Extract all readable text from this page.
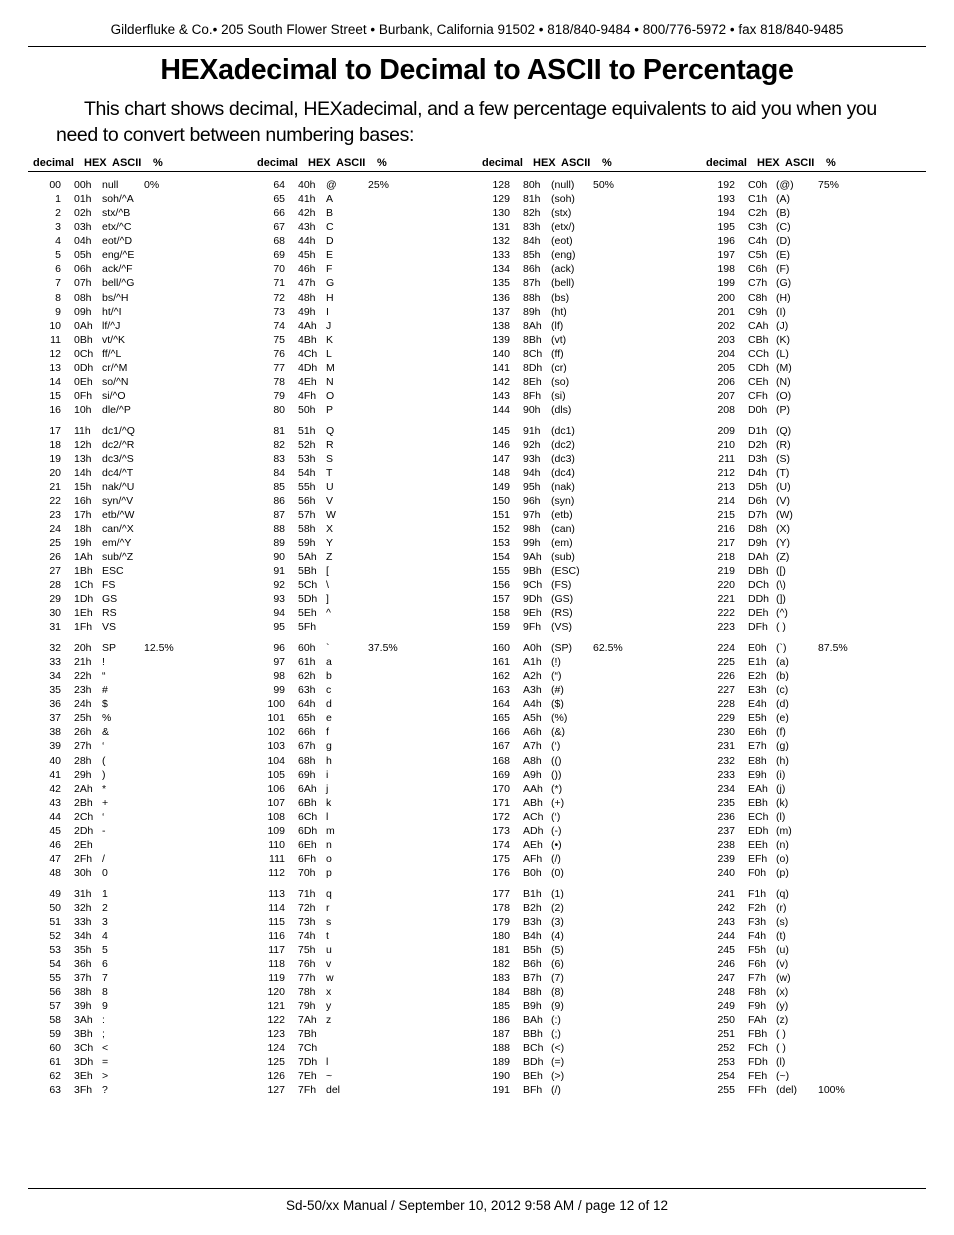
Gilderfluke & Co.• 205 South Flower Street • Burbank, California 91502 • 818/840-9484 • 800/776-5972 • fax 818/840-9485
HEXadecimal to Decimal to ASCII to Percentage
This chart shows decimal, HEXadecimal, and a few percentage equivalents to aid you when you need to convert between numbering bases:
decimal HEX ASCII %	decimal HEX ASCII %	decimal HEX ASCII %	decimal HEX ASCII %
00 00h null 0%
1 01h soh/^A
2 02h stx/^B
3 03h etx/^C
4 04h eot/^D
5 05h eng/^E
6 06h ack/^F
7 07h bell/^G
8 08h bs/^H
9 09h ht/^I
10 0Ah lf/^J
11 0Bh vt/^K
12 0Ch ff/^L
13 0Dh cr/^M
14 0Eh so/^N
15 0Fh si/^O
16 10h dle/^P
17 11h dc1/^Q
18 12h dc2/^R
19 13h dc3/^S
20 14h dc4/^T
21 15h nak/^U
22 16h syn/^V
23 17h etb/^W
24 18h can/^X
25 19h em/^Y
26 1Ah sub/^Z
27 1Bh ESC
28 1Ch FS
29 1Dh GS
30 1Eh RS
31 1Fh VS
32 20h SP	12.5%
33 21h !
34 22h “
35 23h #
36 24h $
37 25h %
38 26h &
39 27h ‘
40 28h (
41 29h )
42 2Ah *
43 2Bh +
44 2Ch ‘
45 2Dh -
46 2Eh
47 2Fh /
48 30h 0
49 31h 1
50 32h 2
51 33h 3
52 34h 4
53 35h 5
54 36h 6
55 37h 7
56 38h 8
57 39h 9
58 3Ah :
59 3Bh ;
60 3Ch <
61 3Dh =
62 3Eh >
63 3Fh ?
64 40h @	25%
65 41h A
66 42h B
67 43h C
68 44h D
69 45h E
70 46h F
71 47h G
72 48h H
73 49h I
74 4Ah J
75 4Bh K
76 4Ch L
77 4Dh M
78 4Eh N
79 4Fh O
80 50h P
81 51h Q
82 52h R
83 53h S
84 54h T
85 55h U
86 56h V
87 57h W
88 58h X
89 59h Y
90 5Ah Z
91 5Bh [
92 5Ch \
93 5Dh ]
94 5Eh ^
95 5Fh
96 60h `	37.5%
97 61h a
98 62h b
99 63h c
100 64h d
101 65h e
102 66h f
103 67h g
104 68h h
105 69h i
106 6Ah j
107 6Bh k
108 6Ch l
109 6Dh m
110 6Eh n
111 6Fh o
112 70h p
113 71h q
114 72h r
115 73h s
116 74h t
117 75h u
118 76h v
119 77h w
120 78h x
121 79h y
122 7Ah z
123 7Bh
124 7Ch
125 7Dh l
126 7Eh ~
127 7Fh del
128 80h (null) 50%
129 81h (soh)
130 82h (stx)
131 83h (etx/)
132 84h (eot)
133 85h (eng)
134 86h (ack)
135 87h (bell)
136 88h (bs)
137 89h (ht)
138 8Ah (lf)
139 8Bh (vt)
140 8Ch (ff)
141 8Dh (cr)
142 8Eh (so)
143 8Fh (si)
144 90h (dls)
145 91h (dc1)
146 92h (dc2)
147 93h (dc3)
148 94h (dc4)
149 95h (nak)
150 96h (syn)
151 97h (etb)
152 98h (can)
153 99h (em)
154 9Ah (sub)
155 9Bh (ESC)
156 9Ch (FS)
157 9Dh (GS)
158 9Eh (RS)
159 9Fh (VS)
160 A0h (SP) 62.5%
161 A1h (!)
162 A2h (“)
163 A3h (#)
164 A4h ($)
165 A5h (%)
166 A6h (&)
167 A7h (‘)
168 A8h (()
169 A9h ())
170 AAh (*)
171 ABh (+)
172 ACh (‘)
173 ADh (-)
174 AEh (•)
175 AFh (/)
176 B0h (0)
177 B1h (1)
178 B2h (2)
179 B3h (3)
180 B4h (4)
181 B5h (5)
182 B6h (6)
183 B7h (7)
184 B8h (8)
185 B9h (9)
186 BAh (:)
187 BBh (;)
188 BCh (<)
189 BDh (=)
190 BEh (>)
191 BFh (/)
192 C0h (@) 75%
193 C1h (A)
194 C2h (B)
195 C3h (C)
196 C4h (D)
197 C5h (E)
198 C6h (F)
199 C7h (G)
200 C8h (H)
201 C9h (I)
202 CAh (J)
203 CBh (K)
204 CCh (L)
205 CDh (M)
206 CEh (N)
207 CFh (O)
208 D0h (P)
209 D1h (Q)
210 D2h (R)
211 D3h (S)
212 D4h (T)
213 D5h (U)
214 D6h (V)
215 D7h (W)
216 D8h (X)
217 D9h (Y)
218 DAh (Z)
219 DBh ([)
220 DCh (\)
221 DDh (])
222 DEh (^)
223 DFh ( )
224 E0h (`)	87.5%
225 E1h (a)
226 E2h (b)
227 E3h (c)
228 E4h (d)
229 E5h (e)
230 E6h (f)
231 E7h (g)
232 E8h (h)
233 E9h (i)
234 EAh (j)
235 EBh (k)
236 ECh (l)
237 EDh (m)
238 EEh (n)
239 EFh (o)
240 F0h (p)
241 F1h (q)
242 F2h (r)
243 F3h (s)
244 F4h (t)
245 F5h (u)
246 F6h (v)
247 F7h (w)
248 F8h (x)
249 F9h (y)
250 FAh (z)
251 FBh ( )
252 FCh ( )
253 FDh (l)
254 FEh (~)
255 FFh (del) 100%
Sd-50/xx Manual / September 10, 2012 9:58 AM / page 12 of 12
